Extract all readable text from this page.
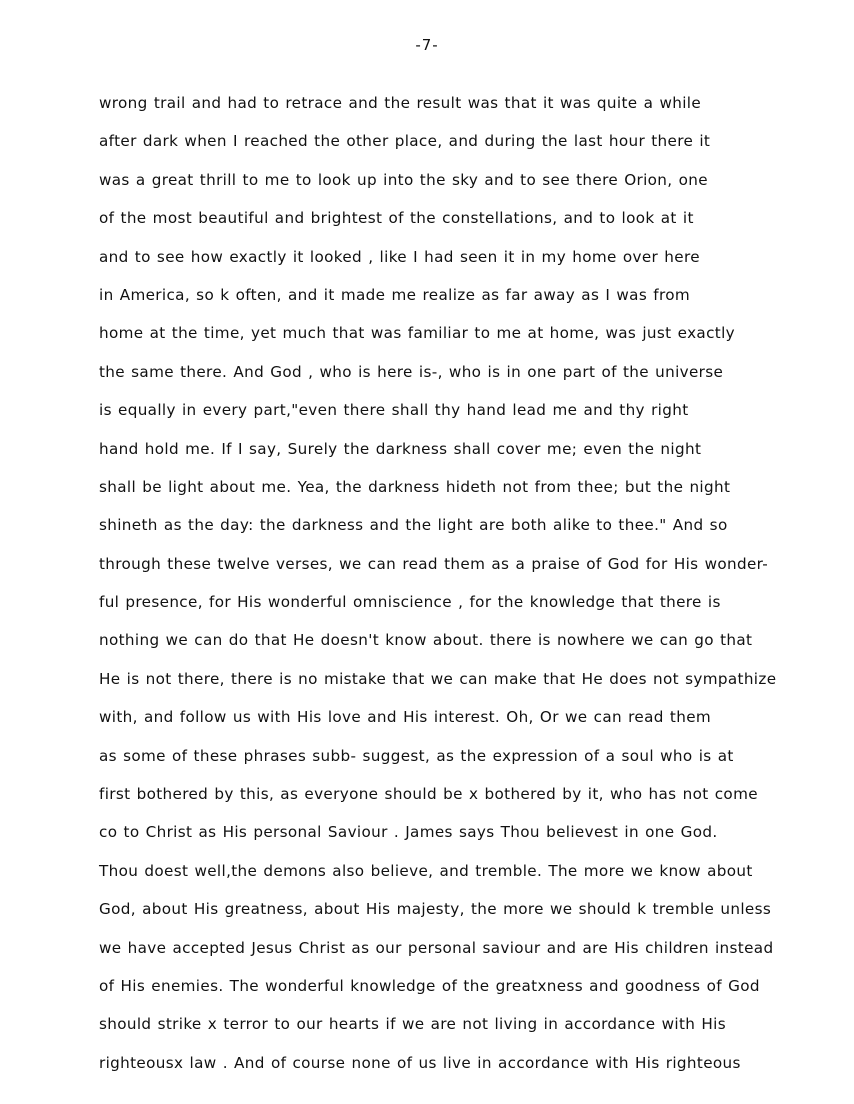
-7-
wrong trail and had to retrace and the result was that it was quite a while
after dark when I reached the other place, and during the last hour there it
was a great thrill to me to look up into the sky and to see there Orion, one
of the most beautiful and brightest of the constellations, and to look at it
and to see how exactly it looked , like I had seen it in my home over here
in America, so k often, and it made me realize as far away as I was from
home at the time, yet much that was familiar to me at home, was just exactly
the same there. And God , who is here is-, who is in one part of the universe
is equally in every part,"even there shall thy hand lead me and thy right
hand hold me. If I say, Surely the darkness shall cover me; even the night
shall be light about me. Yea, the darkness hideth not from thee; but the night
shineth as the day: the darkness and the light are both alike to thee." And so
through these twelve verses, we can read them as a praise of God for His wonder-
ful presence, for His wonderful omniscience , for the knowledge that there is
nothing we can do that He doesn't know about. there is nowhere we can go that
He is not there, there is no mistake that we can make that He does not sympathize
with, and follow us with His love and His interest. Oh, Or we can read them
as some of these phrases subb- suggest, as the expression of a soul who is at
first bothered by this, as everyone should be x bothered by it, who has not come
co to Christ as His personal Saviour . James says Thou believest in one God.
Thou doest well,the demons also believe, and tremble. The more we know about
God, about His greatness, about His majesty, the more we should k tremble unless
we have accepted Jesus Christ as our personal saviour and are His children instead
of His enemies. The wonderful knowledge of the greatxness and goodness of God
should strike x terror to our hearts if we are not living in accordance with His
righteousx law . And of course none of us live in accordance with His righteous
